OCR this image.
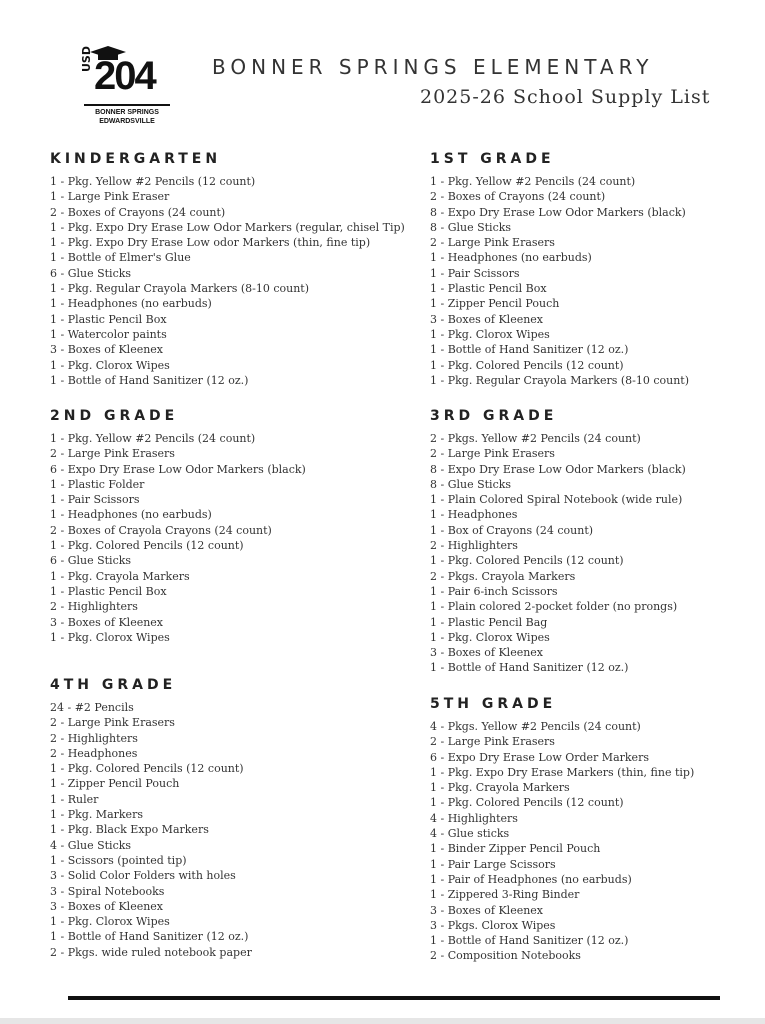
USD 204
BONNER SPRINGS
EDWARDSVILLE
BONNER SPRINGS ELEMENTARY
2025-26 School Supply List
KINDERGARTEN
1 - Pkg. Yellow #2 Pencils (12 count)
1 - Large Pink Eraser
2 - Boxes of Crayons (24 count)
1 - Pkg. Expo Dry Erase Low Odor Markers (regular, chisel Tip)
1 - Pkg. Expo Dry Erase Low odor Markers (thin, fine tip)
1 - Bottle of Elmer's Glue
6 - Glue Sticks
1 - Pkg. Regular Crayola Markers (8-10 count)
1 - Headphones (no earbuds)
1 - Plastic Pencil Box
1 - Watercolor paints
3 - Boxes of Kleenex
1 - Pkg. Clorox Wipes
1 - Bottle of Hand Sanitizer (12 oz.)
1ST GRADE
1 - Pkg. Yellow #2 Pencils (24 count)
2 - Boxes of Crayons (24 count)
8 - Expo Dry Erase Low Odor Markers (black)
8 - Glue Sticks
2 - Large Pink Erasers
1 - Headphones (no earbuds)
1 - Pair Scissors
1 - Plastic Pencil Box
1 - Zipper Pencil Pouch
3 - Boxes of Kleenex
1 - Pkg. Clorox Wipes
1 - Bottle of Hand Sanitizer (12 oz.)
1 - Pkg. Colored Pencils (12 count)
1 - Pkg. Regular Crayola Markers (8-10 count)
2ND GRADE
1 - Pkg. Yellow #2 Pencils (24 count)
2 - Large Pink Erasers
6 - Expo Dry Erase Low Odor Markers (black)
1 - Plastic Folder
1 - Pair Scissors
1 - Headphones (no earbuds)
2 - Boxes of Crayola Crayons (24 count)
1 - Pkg. Colored Pencils (12 count)
6 - Glue Sticks
1 - Pkg. Crayola Markers
1 - Plastic Pencil Box
2 - Highlighters
3 - Boxes of Kleenex
1 - Pkg. Clorox Wipes
3RD GRADE
2 - Pkgs. Yellow #2 Pencils (24 count)
2 - Large Pink Erasers
8 - Expo Dry Erase Low Odor Markers (black)
8 - Glue Sticks
1 - Plain Colored Spiral Notebook (wide rule)
1 - Headphones
1 - Box of Crayons (24 count)
2 - Highlighters
1 - Pkg. Colored Pencils (12 count)
2 - Pkgs. Crayola Markers
1 - Pair 6-inch Scissors
1 - Plain colored 2-pocket folder (no prongs)
1 - Plastic Pencil Bag
1 - Pkg. Clorox Wipes
3 - Boxes of Kleenex
1 - Bottle of Hand Sanitizer (12 oz.)
4TH GRADE
24 - #2 Pencils
2 - Large Pink Erasers
2 - Highlighters
2 - Headphones
1 - Pkg. Colored Pencils (12 count)
1 - Zipper Pencil Pouch
1 - Ruler
1 - Pkg. Markers
1 - Pkg. Black Expo Markers
4 - Glue Sticks
1 - Scissors (pointed tip)
3 - Solid Color Folders with holes
3 - Spiral Notebooks
3 - Boxes of Kleenex
1 - Pkg. Clorox Wipes
1 - Bottle of Hand Sanitizer (12 oz.)
2 - Pkgs. wide ruled notebook paper
5TH GRADE
4 - Pkgs. Yellow #2 Pencils (24 count)
2 - Large Pink Erasers
6 - Expo Dry Erase Low Order Markers
1 - Pkg. Expo Dry Erase Markers (thin, fine tip)
1 - Pkg. Crayola Markers
1 - Pkg. Colored Pencils (12 count)
4 - Highlighters
4 - Glue sticks
1 - Binder Zipper Pencil Pouch
1 - Pair Large Scissors
1 - Pair of Headphones (no earbuds)
1 - Zippered 3-Ring Binder
3 - Boxes of Kleenex
3 - Pkgs. Clorox Wipes
1 - Bottle of Hand Sanitizer (12 oz.)
2 - Composition Notebooks
